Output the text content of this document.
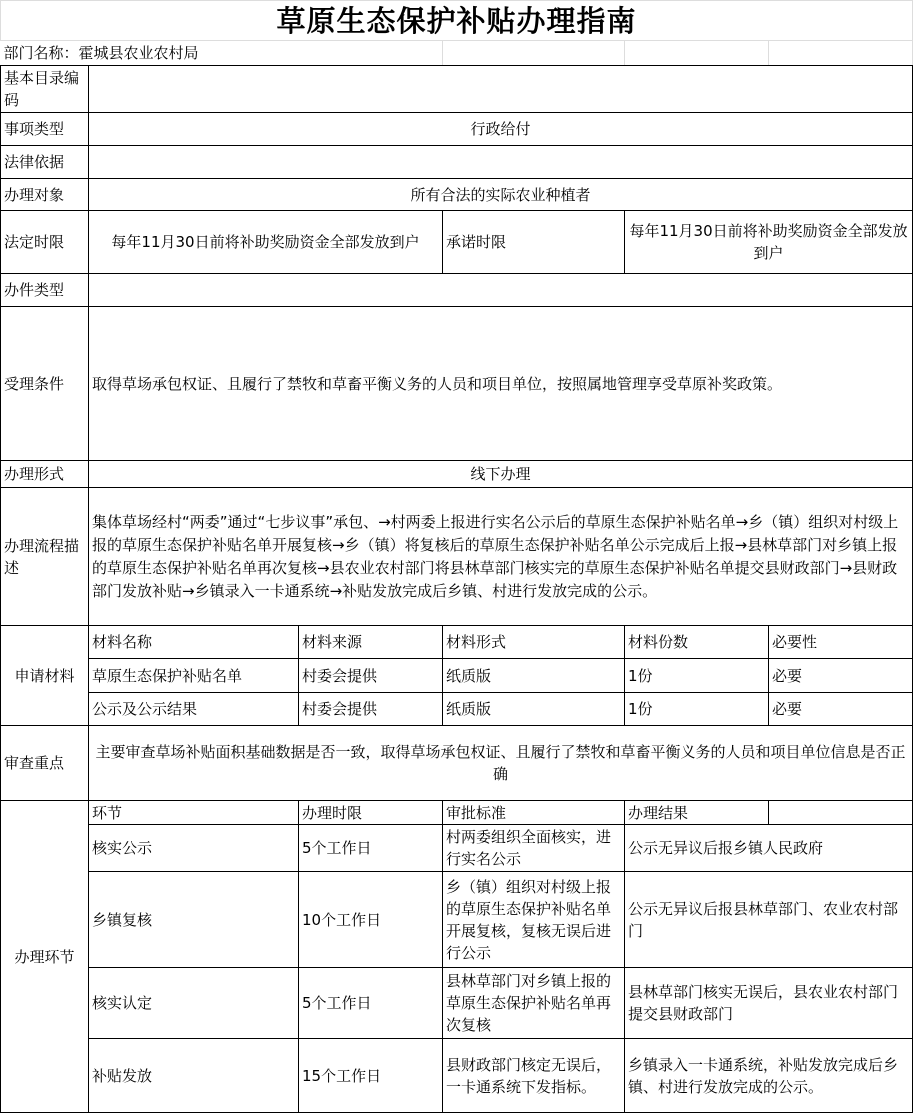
草原生态保护补贴办理指南					
部门名称：霍城县农业农村局					
基本目录编码					
事项类型	行政给付				
法律依据					
办理对象	所有合法的实际农业种植者				
法定时限	每年11月30日前将补助奖励资金全部发放到户		承诺时限	每年11月30日前将补助奖励资金全部发放到户	
办件类型					
受理条件	取得草场承包权证、且履行了禁牧和草畜平衡义务的人员和项目单位，按照属地管理享受草原补奖政策。				
办理形式	线下办理				
办理流程描述	集体草场经村“两委”通过“七步议事”承包、→村两委上报进行实名公示后的草原生态保护补贴名单→乡（镇）组织对村级上报的草原生态保护补贴名单开展复核→乡（镇）将复核后的草原生态保护补贴名单公示完成后上报→县林草部门对乡镇上报的草原生态保护补贴名单再次复核→县农业农村部门将县林草部门核实完的草原生态保护补贴名单提交县财政部门→县财政部门发放补贴→乡镇录入一卡通系统→补贴发放完成后乡镇、村进行发放完成的公示。				
申请材料	材料名称	材料来源	材料形式	材料份数	必要性
	草原生态保护补贴名单	村委会提供	纸质版	1份	必要
	公示及公示结果	村委会提供	纸质版	1份	必要
审查重点	主要审查草场补贴面积基础数据是否一致，取得草场承包权证、且履行了禁牧和草畜平衡义务的人员和项目单位信息是否正确				
办理环节	环节	办理时限	审批标准	办理结果	
	核实公示	5个工作日	村两委组织全面核实，进行实名公示	公示无异议后报乡镇人民政府	
	乡镇复核	10个工作日	乡（镇）组织对村级上报的草原生态保护补贴名单开展复核，复核无误后进行公示	公示无异议后报县林草部门、农业农村部门	
	核实认定	5个工作日	县林草部门对乡镇上报的草原生态保护补贴名单再次复核	县林草部门核实无误后，县农业农村部门提交县财政部门	
	补贴发放	15个工作日	县财政部门核定无误后，一卡通系统下发指标。	乡镇录入一卡通系统，补贴发放完成后乡镇、村进行发放完成的公示。	
